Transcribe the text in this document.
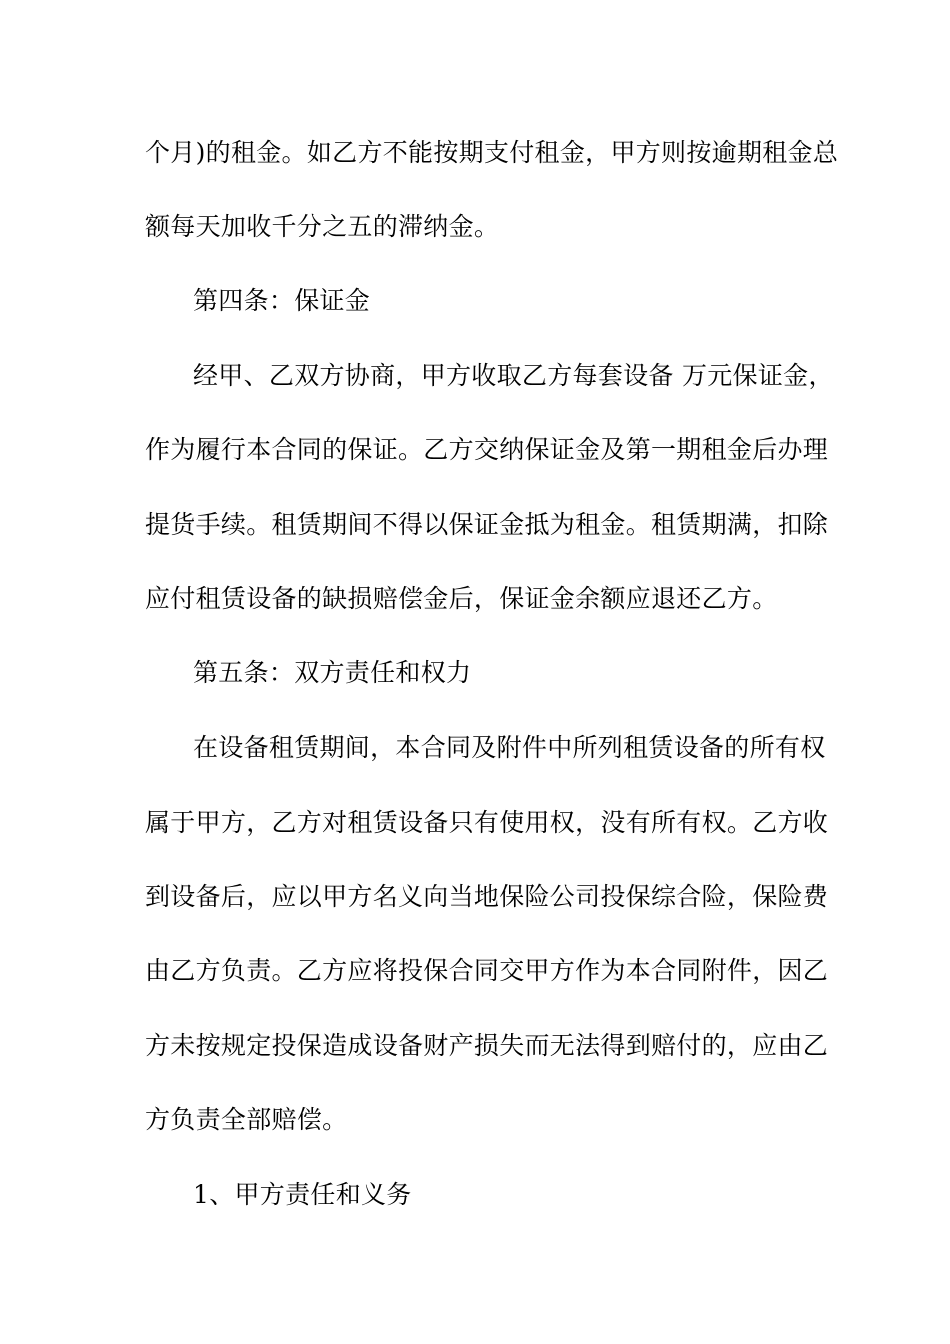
个月)的租金。如乙方不能按期支付租金，甲方则按逾期租金总
额每天加收千分之五的滞纳金。
第四条：保证金
经甲、乙双方协商，甲方收取乙方每套设备 万元保证金，
作为履行本合同的保证。乙方交纳保证金及第一期租金后办理
提货手续。租赁期间不得以保证金抵为租金。租赁期满，扣除
应付租赁设备的缺损赔偿金后，保证金余额应退还乙方。
第五条：双方责任和权力
在设备租赁期间，本合同及附件中所列租赁设备的所有权
属于甲方，乙方对租赁设备只有使用权，没有所有权。乙方收
到设备后，应以甲方名义向当地保险公司投保综合险，保险费
由乙方负责。乙方应将投保合同交甲方作为本合同附件，因乙
方未按规定投保造成设备财产损失而无法得到赔付的，应由乙
方负责全部赔偿。
1、甲方责任和义务
